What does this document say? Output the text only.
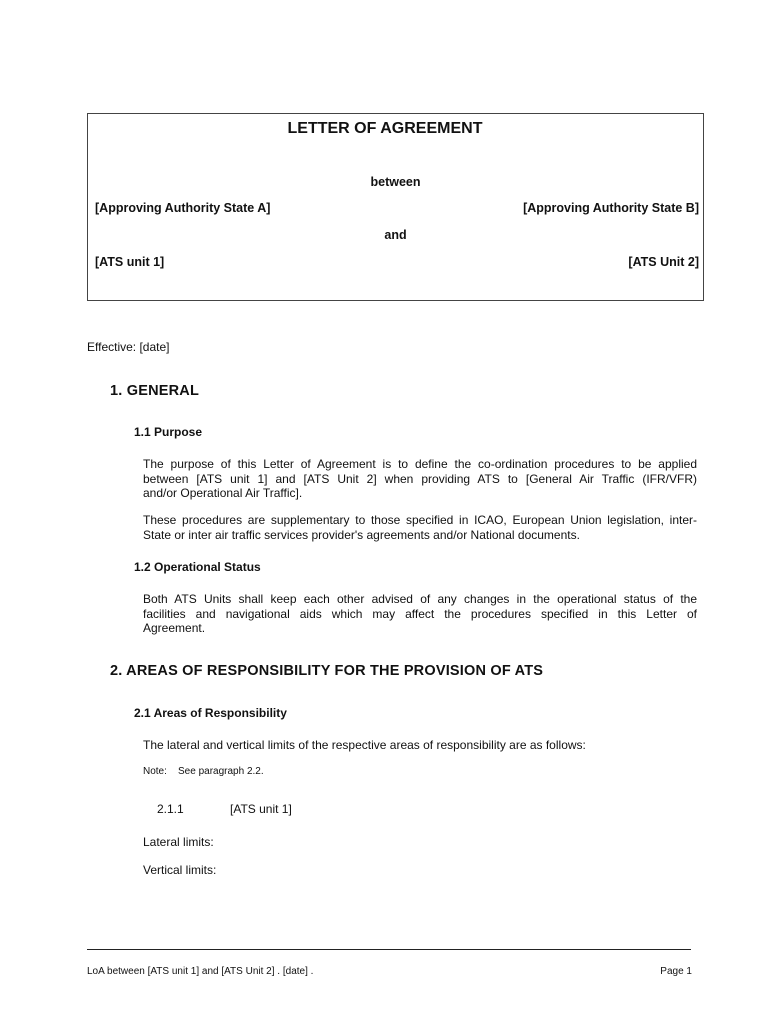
LETTER OF AGREEMENT
between
[Approving Authority State A]	[Approving Authority State B]
and
[ATS unit 1]	[ATS Unit 2]
Effective: [date]
1. GENERAL
1.1 Purpose
The purpose of this Letter of Agreement is to define the co-ordination procedures to be applied
between [ATS unit 1] and [ATS Unit 2] when providing ATS to [General Air Traffic (IFR/VFR)
and/or Operational Air Traffic].
These procedures are supplementary to those specified in ICAO, European Union legislation, inter-
State or inter air traffic services provider's agreements and/or National documents.
1.2 Operational Status
Both ATS Units shall keep each other advised of any changes in the operational status of the
facilities and navigational aids which may affect the procedures specified in this Letter of
Agreement.
2. AREAS OF RESPONSIBILITY FOR THE PROVISION OF ATS
2.1 Areas of Responsibility
The lateral and vertical limits of the respective areas of responsibility are as follows:
Note: See paragraph 2.2.
2.1.1	[ATS unit 1]
Lateral limits:
Vertical limits:
LoA between [ATS unit 1] and [ATS Unit 2] . [date] .	Page 1
